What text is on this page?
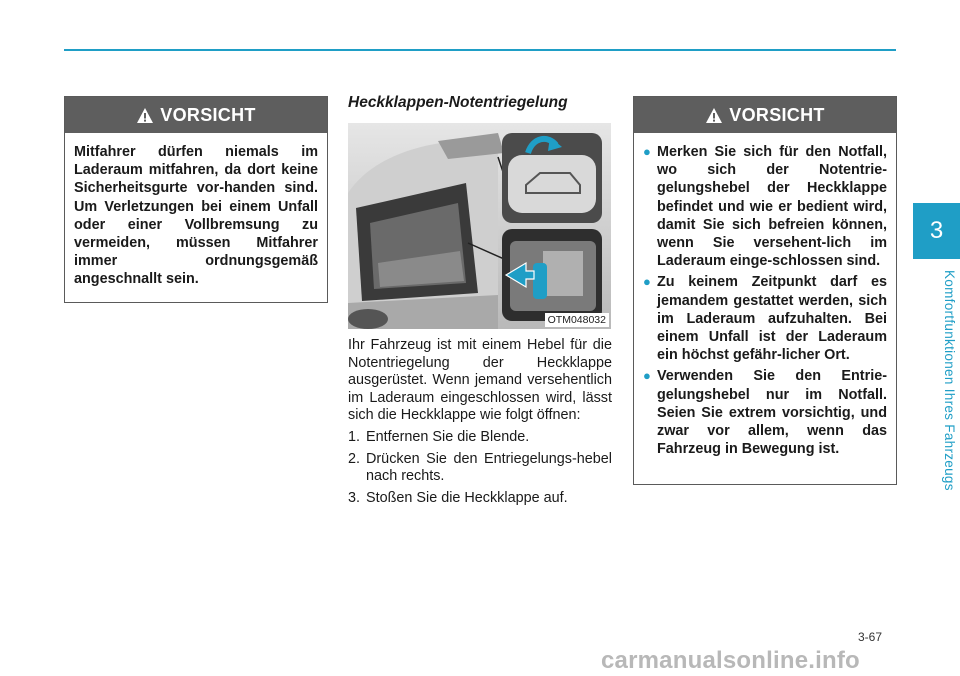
3
Komfortfunktionen Ihres Fahrzeugs
VORSICHT
Mitfahrer dürfen niemals im Laderaum mitfahren, da dort keine Sicherheitsgurte vor-handen sind. Um Verletzungen bei einem Unfall oder einer Vollbremsung zu vermeiden, müssen Mitfahrer immer ordnungsgemäß angeschnallt sein.
Heckklappen-Notentriegelung
OTM048032

Ihr Fahrzeug ist mit einem Hebel für die Notentriegelung der Heckklappe ausgerüstet. Wenn jemand versehentlich im Laderaum eingeschlossen wird, lässt sich die Heckklappe wie folgt öffnen:

1. Entfernen Sie die Blende.
2. Drücken Sie den Entriegelungs-hebel nach rechts.
3. Stoßen Sie die Heckklappe auf.
VORSICHT
● Merken Sie sich für den Notfall, wo sich der Notentrie-gelungshebel der Heckklappe befindet und wie er bedient wird, damit Sie sich befreien können, wenn Sie versehent-lich im Laderaum einge-schlossen sind.
● Zu keinem Zeitpunkt darf es jemandem gestattet werden, sich im Laderaum aufzuhalten. Bei einem Unfall ist der Laderaum ein höchst gefähr-licher Ort.
● Verwenden Sie den Entrie-gelungshebel nur im Notfall. Seien Sie extrem vorsichtig, und zwar vor allem, wenn das Fahrzeug in Bewegung ist.
3-67
carmanualsonline.info
